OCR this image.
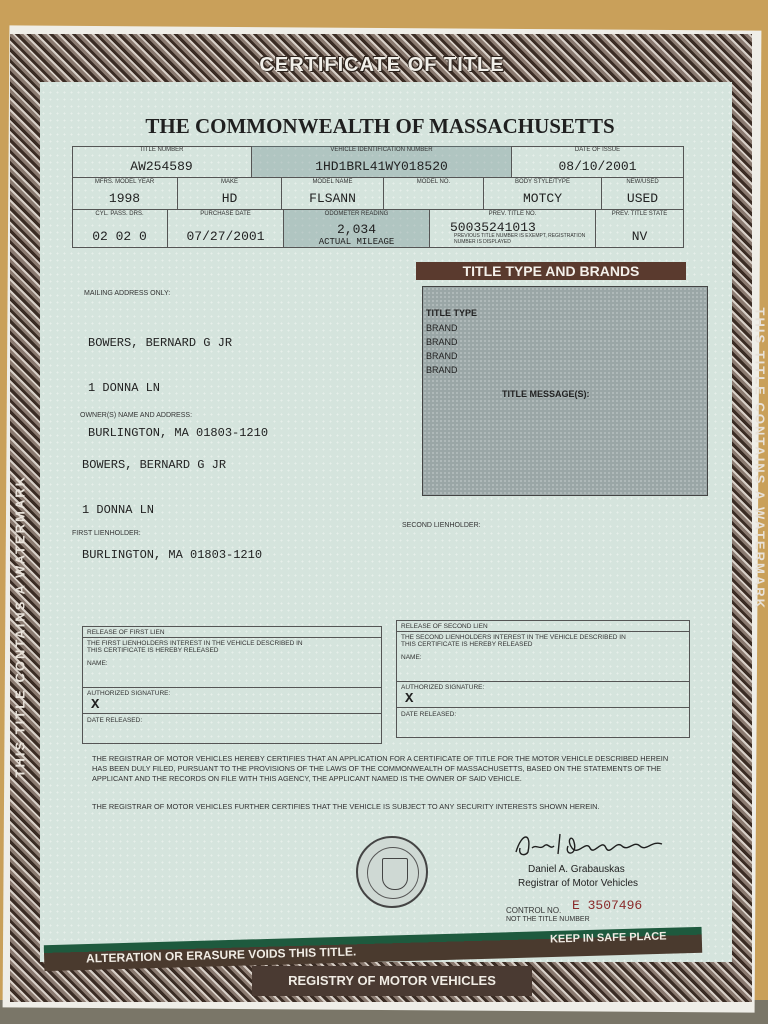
CERTIFICATE OF TITLE
THIS TITLE CONTAINS A WATERMARK
THIS TITLE CONTAINS A WATERMARK
THE COMMONWEALTH OF MASSACHUSETTS
TITLE NUMBER
AW254589
VEHICLE IDENTIFICATION NUMBER
1HD1BRL41WY018520
DATE OF ISSUE
08/10/2001
MFRS. MODEL YEAR
1998
MAKE
HD
MODEL NAME
FLSANN
MODEL NO.	BODY STYLE/TYPE
MOTCY
NEW/USED
USED
CYL. PASS. DRS.
02 02 0
PURCHASE DATE
07/27/2001
ODOMETER READING
2,034
ACTUAL MILEAGE
PREV. TITLE NO.
50035241013
PREVIOUS TITLE NUMBER IS EXEMPT, REGISTRATION NUMBER IS DISPLAYED
PREV. TITLE STATE
NV
MAILING ADDRESS ONLY:

BOWERS, BERNARD G JR

1 DONNA LN

BURLINGTON, MA 01803-1210

OWNER(S) NAME AND ADDRESS:

BOWERS, BERNARD G JR

1 DONNA LN

BURLINGTON, MA 01803-1210

TITLE TYPE AND BRANDS
TITLE TYPE
BRAND
BRAND
BRAND
BRAND
TITLE MESSAGE(S):
FIRST LIENHOLDER:
SECOND LIENHOLDER:
RELEASE OF FIRST LIEN
THE FIRST LIENHOLDERS INTEREST IN THE VEHICLE DESCRIBED IN THIS CERTIFICATE IS HEREBY RELEASED
NAME:
AUTHORIZED SIGNATURE:
X
DATE RELEASED:
RELEASE OF SECOND LIEN
THE SECOND LIENHOLDERS INTEREST IN THE VEHICLE DESCRIBED IN THIS CERTIFICATE IS HEREBY RELEASED
NAME:
AUTHORIZED SIGNATURE:
X
DATE RELEASED:
THE REGISTRAR OF MOTOR VEHICLES HEREBY CERTIFIES THAT AN APPLICATION FOR A CERTIFICATE OF TITLE FOR THE MOTOR VEHICLE DESCRIBED HEREIN HAS BEEN DULY FILED, PURSUANT TO THE PROVISIONS OF THE LAWS OF THE COMMONWEALTH OF MASSACHUSETTS, BASED ON THE STATEMENTS OF THE APPLICANT AND THE RECORDS ON FILE WITH THIS AGENCY, THE APPLICANT NAMED IS THE OWNER OF SAID VEHICLE.
THE REGISTRAR OF MOTOR VEHICLES FURTHER CERTIFIES THAT THE VEHICLE IS SUBJECT TO ANY SECURITY INTERESTS SHOWN HEREIN.
Daniel A. Grabauskas
Registrar of Motor Vehicles
CONTROL NO. E 3507496
NOT THE TITLE NUMBER
ALTERATION OR ERASURE VOIDS THIS TITLE.
KEEP IN SAFE PLACE
REGISTRY OF MOTOR VEHICLES
